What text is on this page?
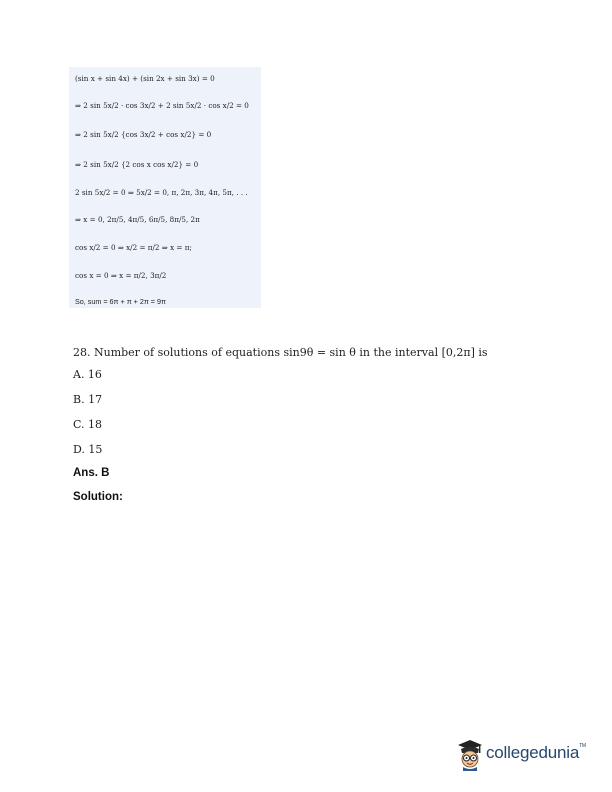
(sin x + sin 4x) + (sin 2x + sin 3x) = 0
⇒ 2 sin 5x/2 · cos 3x/2 + 2 sin 5x/2 · cos x/2 = 0
⇒ 2 sin 5x/2 {cos 3x/2 + cos x/2} = 0
⇒ 2 sin 5x/2 {2 cos x cos x/2} = 0
2 sin 5x/2 = 0 ⇒ 5x/2 = 0, π, 2π, 3π, 4π, 5π, . . .
⇒ x = 0, 2π/5, 4π/5, 6π/5, 8π/5, 2π
cos x/2 = 0 ⇒ x/2 = π/2 ⇒ x = π;
cos x = 0 ⇒ x = π/2, 3π/2
So, sum = 6π + π + 2π = 9π
28. Number of solutions of equations sin9θ = sin θ in the interval [0,2π] is
A. 16
B. 17
C. 18
D. 15
Ans. B
Solution:
collegedunia™
